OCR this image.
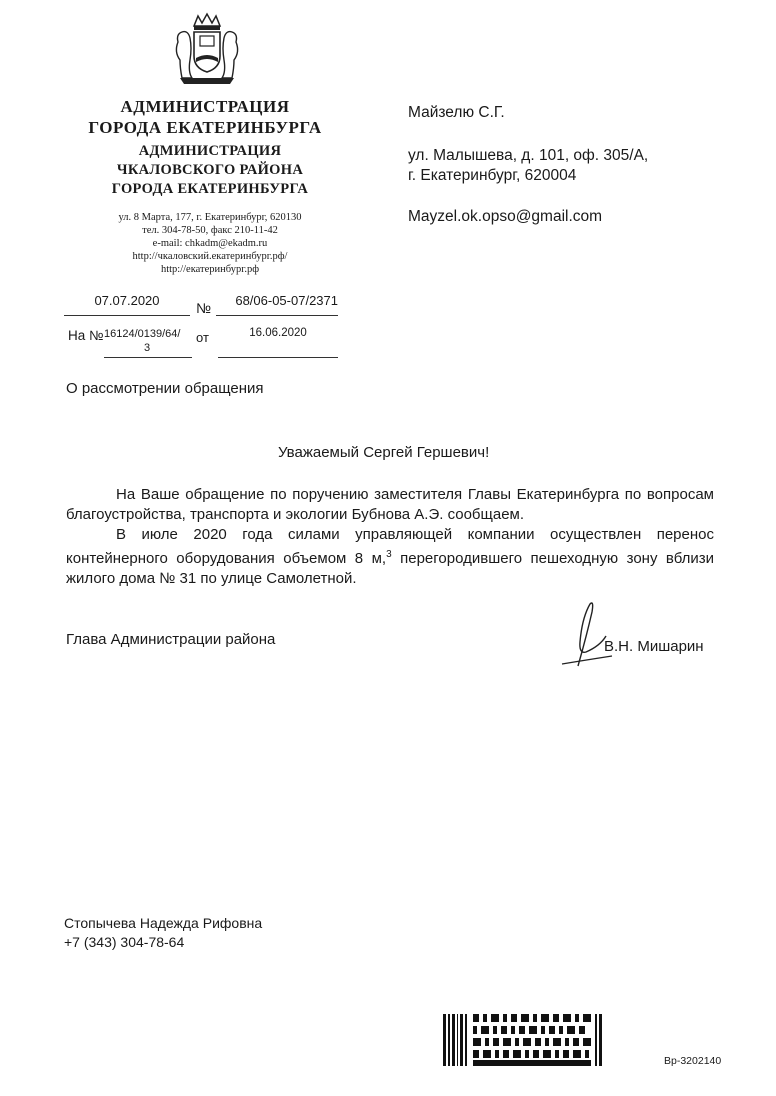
АДМИНИСТРАЦИЯ
ГОРОДА ЕКАТЕРИНБУРГА
АДМИНИСТРАЦИЯ
ЧКАЛОВСКОГО РАЙОНА
ГОРОДА ЕКАТЕРИНБУРГА
ул. 8 Марта, 177, г. Екатеринбург, 620130
тел. 304-78-50, факс 210-11-42
e-mail: chkadm@ekadm.ru
http://чкаловский.екатеринбург.рф/
http://екатеринбург.рф
07.07.2020	№	68/06-05-07/2371
На № 16124/0139/64/
3
от	16.06.2020
Майзелю С.Г.
ул. Малышева, д. 101, оф. 305/А,
г. Екатеринбург, 620004
Mayzel.ok.opso@gmail.com
О рассмотрении обращения
Уважаемый Сергей Гершевич!
На Ваше обращение по поручению заместителя Главы Екатеринбурга по вопросам благоустройства, транспорта и экологии Бубнова А.Э. сообщаем.
В июле 2020 года силами управляющей компании осуществлен перенос контейнерного оборудования объемом 8 м,$^3$ перегородившего пешеходную зону вблизи жилого дома № 31 по улице Самолетной.
Глава Администрации района	В.Н. Мишарин
Стопычева Надежда Рифовна
+7 (343) 304-78-64
Вр-3202140
